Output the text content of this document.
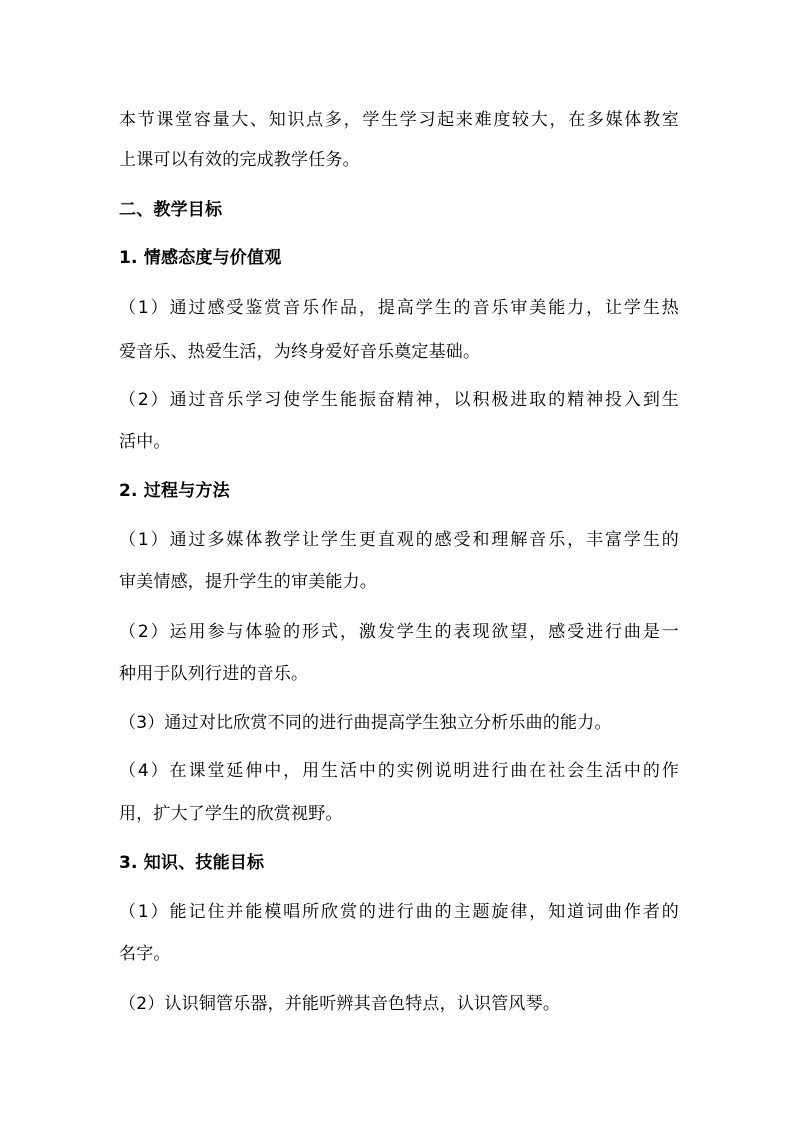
本节课堂容量大、知识点多，学生学习起来难度较大，在多媒体教室
上课可以有效的完成教学任务。
二、教学目标
1. 情感态度与价值观
（1）通过感受鉴赏音乐作品，提高学生的音乐审美能力，让学生热
爱音乐、热爱生活，为终身爱好音乐奠定基础。
（2）通过音乐学习使学生能振奋精神，以积极进取的精神投入到生
活中。
2. 过程与方法
（1）通过多媒体教学让学生更直观的感受和理解音乐，丰富学生的
审美情感，提升学生的审美能力。
（2）运用参与体验的形式，激发学生的表现欲望，感受进行曲是一
种用于队列行进的音乐。
（3）通过对比欣赏不同的进行曲提高学生独立分析乐曲的能力。
（4）在课堂延伸中，用生活中的实例说明进行曲在社会生活中的作
用，扩大了学生的欣赏视野。
3. 知识、技能目标
（1）能记住并能模唱所欣赏的进行曲的主题旋律，知道词曲作者的
名字。
（2）认识铜管乐器，并能听辨其音色特点，认识管风琴。
